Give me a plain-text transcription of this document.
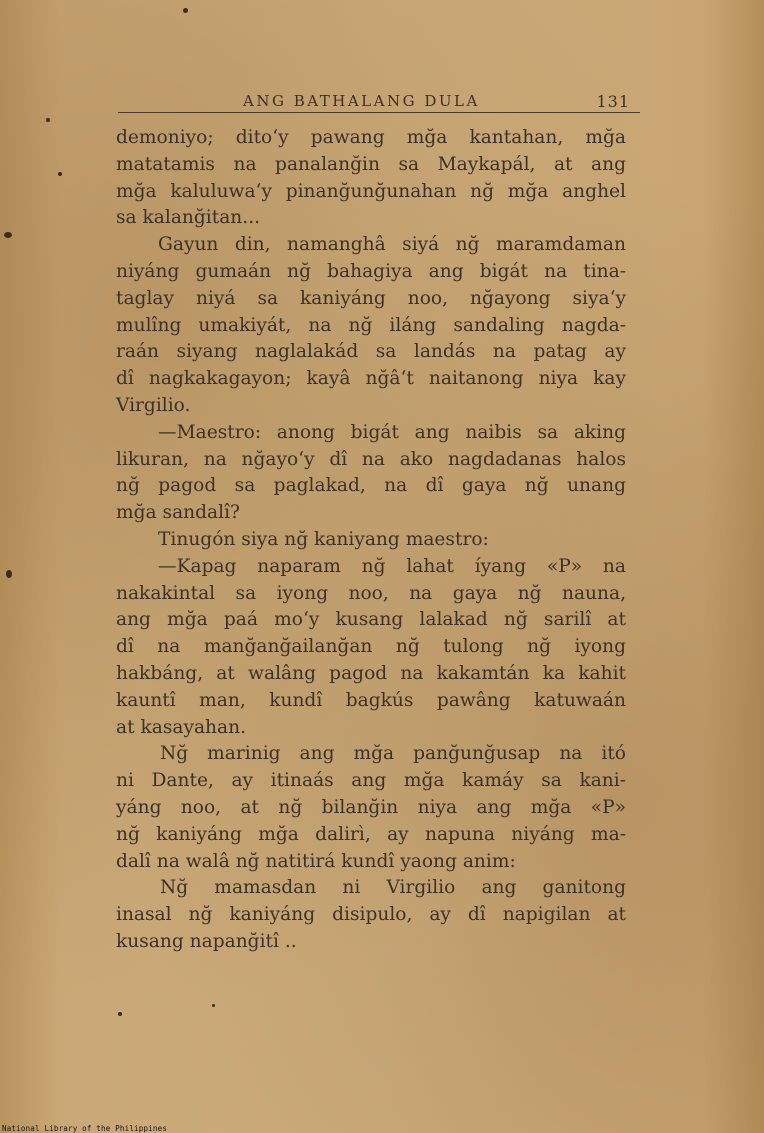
ANG BATHALANG DULA	131
demoniyo; dito‘y pawang mğa kantahan, mğa
matatamis na panalanğin sa Maykapál, at ang
mğa kaluluwa‘y pinanğunğunahan nğ mğa anghel
sa kalanğitan...
Gayun din, namanghâ siyá nğ maramdaman
niyáng gumaán nğ bahagiya ang bigát na tina-
taglay niyá sa kaniyáng noo, nğayong siya‘y
mulîng umakiyát, na nğ iláng sandaling nagda-
raán siyang naglalakád sa landás na patag ay
dî nagkakagayon; kayâ nğâ‘t naitanong niya kay
Virgilio.
—Maestro: anong bigát ang naibis sa aking
likuran, na nğayo‘y dî na ako nagdadanas halos
nğ pagod sa paglakad, na dî gaya nğ unang
mğa sandalî?
Tinugón siya nğ kaniyang maestro:
—Kapag naparam nğ lahat íyang «P» na
nakakintal sa iyong noo, na gaya nğ nauna,
ang mğa paá mo‘y kusang lalakad nğ sarilî at
dî na manğanğailanğan nğ tulong nğ iyong
hakbáng, at walâng pagod na kakamtán ka kahit
kauntî man, kundî bagkús pawâng katuwaán
at kasayahan.
Nğ marinig ang mğa panğunğusap na itó
ni Dante, ay itinaás ang mğa kamáy sa kani-
yáng noo, at nğ bilanğin niya ang mğa «P»
nğ kaniyáng mğa dalirì, ay napuna niyáng ma-
dalî na walâ nğ natitirá kundî yaong anim:
Nğ mamasdan ni Virgilio ang ganitong
inasal nğ kaniyáng disipulo, ay dî napigilan at
kusang napanğitî ..
National Library of the Philippines
